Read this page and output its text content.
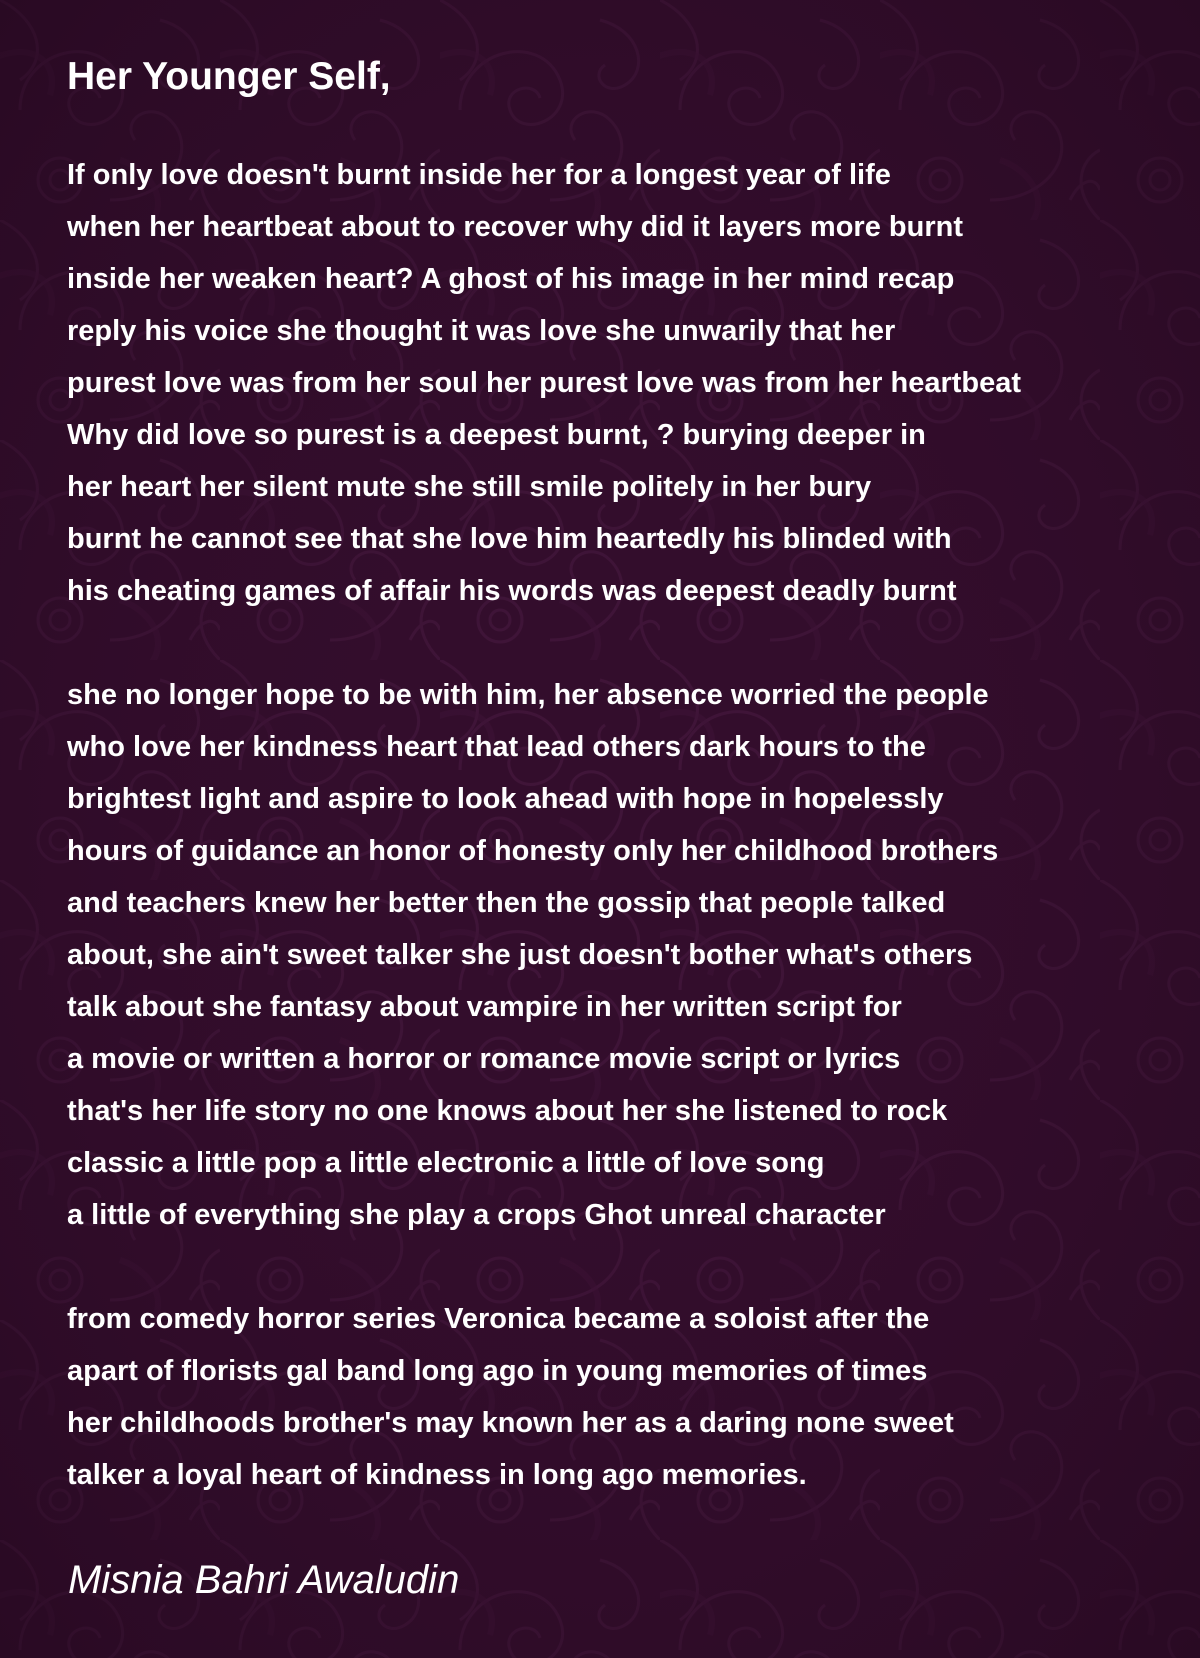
Her Younger Self,
If only love doesn't burnt inside her for a longest year of life
when her heartbeat about to recover why did it layers more burnt
inside her weaken heart? A ghost of his image in her mind recap
reply his voice she thought it was love she unwarily that her
purest love was from her soul her purest love was from her heartbeat
Why did love so purest is a deepest burnt, ? burying deeper in
her heart her silent mute she still smile politely in her bury
burnt he cannot see that she love him heartedly his blinded with
his cheating games of affair his words was deepest deadly burnt
she no longer hope to be with him, her absence worried the people
who love her kindness heart that lead others dark hours to the
brightest light and aspire to look ahead with hope in hopelessly
hours of guidance an honor of honesty only her childhood brothers
and teachers knew her better then the gossip that people talked
about, she ain't sweet talker she just doesn't bother what's others
talk about she fantasy about vampire in her written script for
a movie or written a horror or romance movie script or lyrics
that's her life story no one knows about her she listened to rock
classic a little pop a little electronic a little of love song
a little of everything she play a crops Ghot unreal character
from comedy horror series Veronica became a soloist after the
apart of florists gal band long ago in young memories of times
her childhoods brother's may known her as a daring none sweet
talker a loyal heart of kindness in long ago memories.

Misnia Bahri Awaludin
